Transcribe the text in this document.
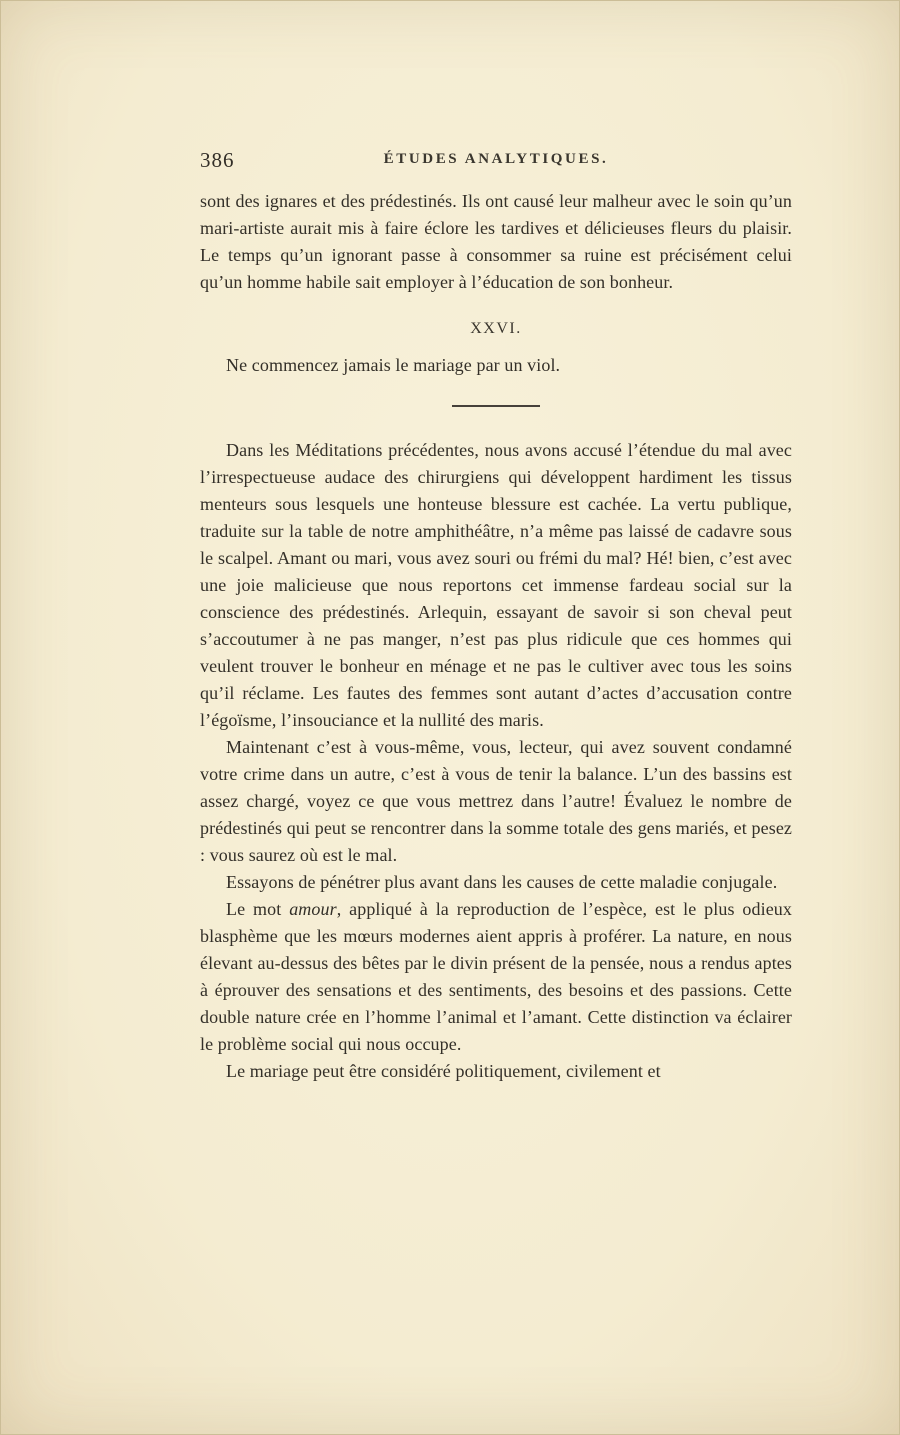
386	ÉTUDES ANALYTIQUES.

sont des ignares et des prédestinés. Ils ont causé leur malheur avec le soin qu’un mari-artiste aurait mis à faire éclore les tardives et délicieuses fleurs du plaisir. Le temps qu’un ignorant passe à consommer sa ruine est précisément celui qu’un homme habile sait employer à l’éducation de son bonheur.

XXVI.

Ne commencez jamais le mariage par un viol.

Dans les Méditations précédentes, nous avons accusé l’étendue du mal avec l’irrespectueuse audace des chirurgiens qui développent hardiment les tissus menteurs sous lesquels une honteuse blessure est cachée. La vertu publique, traduite sur la table de notre amphithéâtre, n’a même pas laissé de cadavre sous le scalpel. Amant ou mari, vous avez souri ou frémi du mal? Hé! bien, c’est avec une joie malicieuse que nous reportons cet immense fardeau social sur la conscience des prédestinés. Arlequin, essayant de savoir si son cheval peut s’accoutumer à ne pas manger, n’est pas plus ridicule que ces hommes qui veulent trouver le bonheur en ménage et ne pas le cultiver avec tous les soins qu’il réclame. Les fautes des femmes sont autant d’actes d’accusation contre l’égoïsme, l’insouciance et la nullité des maris.

Maintenant c’est à vous-même, vous, lecteur, qui avez souvent condamné votre crime dans un autre, c’est à vous de tenir la balance. L’un des bassins est assez chargé, voyez ce que vous mettrez dans l’autre! Évaluez le nombre de prédestinés qui peut se rencontrer dans la somme totale des gens mariés, et pesez : vous saurez où est le mal.

Essayons de pénétrer plus avant dans les causes de cette maladie conjugale.

Le mot amour, appliqué à la reproduction de l’espèce, est le plus odieux blasphème que les mœurs modernes aient appris à proférer. La nature, en nous élevant au-dessus des bêtes par le divin présent de la pensée, nous a rendus aptes à éprouver des sensations et des sentiments, des besoins et des passions. Cette double nature crée en l’homme l’animal et l’amant. Cette distinction va éclairer le problème social qui nous occupe.

Le mariage peut être considéré politiquement, civilement et
